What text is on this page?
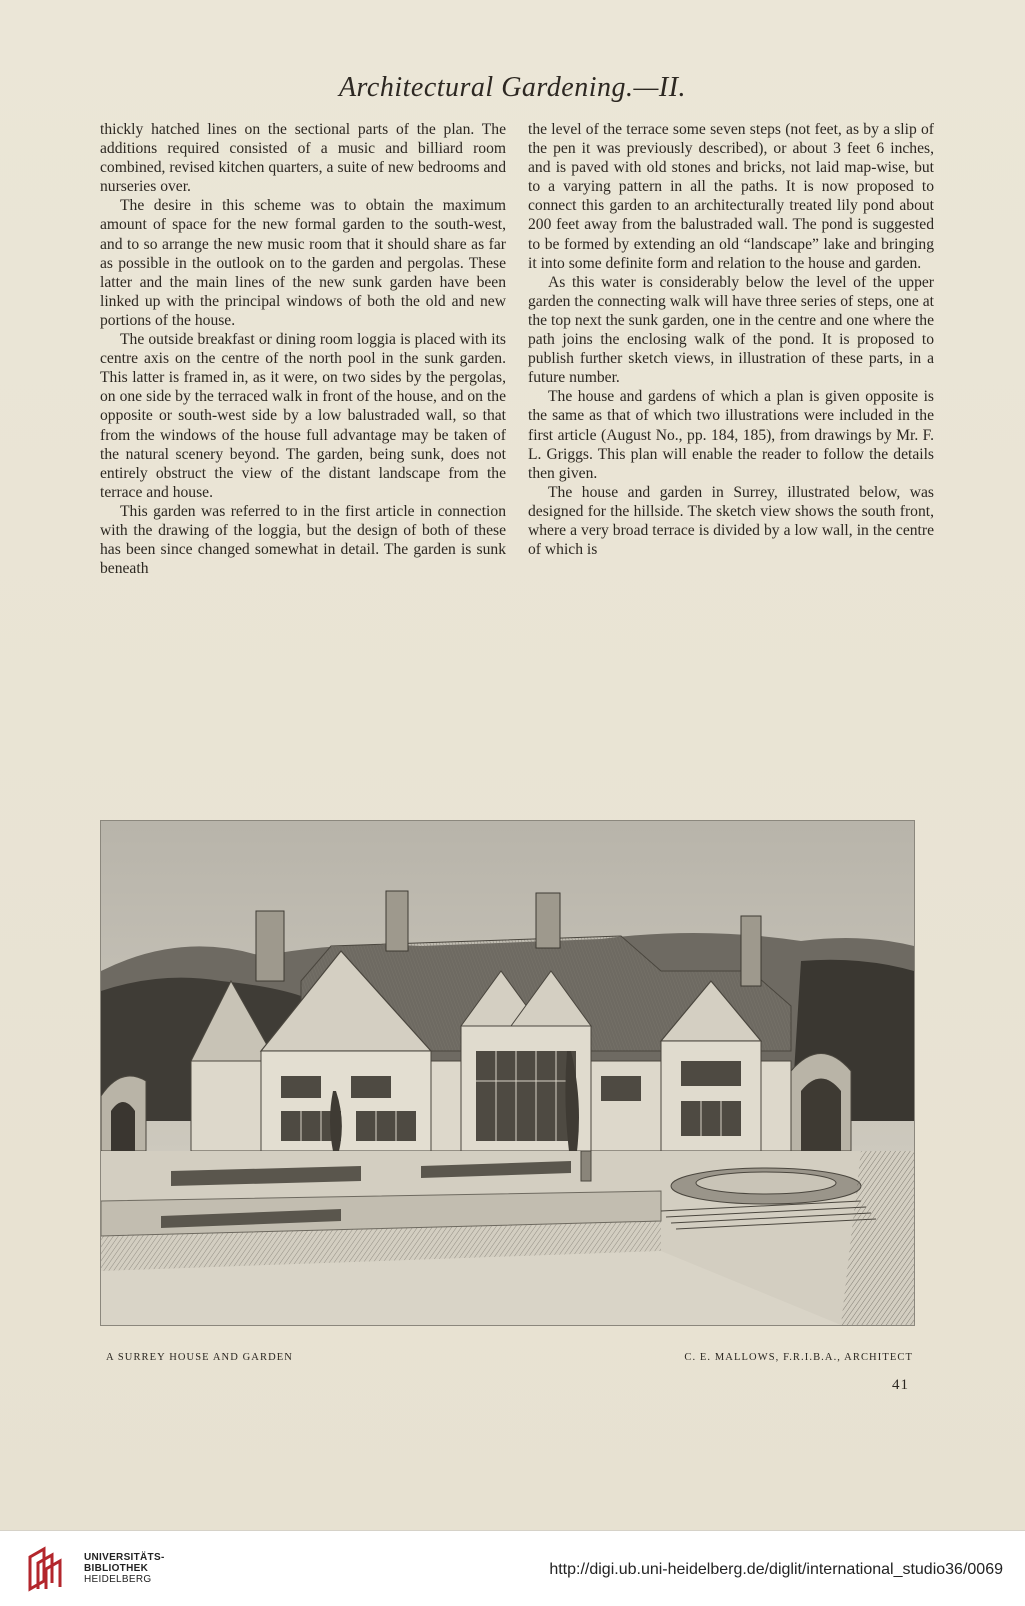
Architectural Gardening.—II.

thickly hatched lines on the sectional parts of the plan. The additions required consisted of a music and billiard room combined, revised kitchen quarters, a suite of new bedrooms and nurseries over.

The desire in this scheme was to obtain the maximum amount of space for the new formal garden to the south-west, and to so arrange the new music room that it should share as far as possible in the outlook on to the garden and pergolas. These latter and the main lines of the new sunk garden have been linked up with the principal windows of both the old and new portions of the house.

The outside breakfast or dining room loggia is placed with its centre axis on the centre of the north pool in the sunk garden. This latter is framed in, as it were, on two sides by the pergolas, on one side by the terraced walk in front of the house, and on the opposite or south-west side by a low balustraded wall, so that from the windows of the house full advantage may be taken of the natural scenery beyond. The garden, being sunk, does not entirely obstruct the view of the distant landscape from the terrace and house.

This garden was referred to in the first article in connection with the drawing of the loggia, but the design of both of these has been since changed somewhat in detail. The garden is sunk beneath

the level of the terrace some seven steps (not feet, as by a slip of the pen it was previously described), or about 3 feet 6 inches, and is paved with old stones and bricks, not laid map-wise, but to a varying pattern in all the paths. It is now proposed to connect this garden to an architecturally treated lily pond about 200 feet away from the balustraded wall. The pond is suggested to be formed by extending an old “landscape” lake and bringing it into some definite form and relation to the house and garden.

As this water is considerably below the level of the upper garden the connecting walk will have three series of steps, one at the top next the sunk garden, one in the centre and one where the path joins the enclosing walk of the pond. It is proposed to publish further sketch views, in illustration of these parts, in a future number.

The house and gardens of which a plan is given opposite is the same as that of which two illustrations were included in the first article (August No., pp. 184, 185), from drawings by Mr. F. L. Griggs. This plan will enable the reader to follow the details then given.

The house and garden in Surrey, illustrated below, was designed for the hillside. The sketch view shows the south front, where a very broad terrace is divided by a low wall, in the centre of which is

A SURREY HOUSE AND GARDEN	C. E. MALLOWS, F.R.I.B.A., ARCHITECT
41
UNIVERSITÄTS-
BIBLIOTHEK
HEIDELBERG
http://digi.ub.uni-heidelberg.de/diglit/international_studio36/0069
